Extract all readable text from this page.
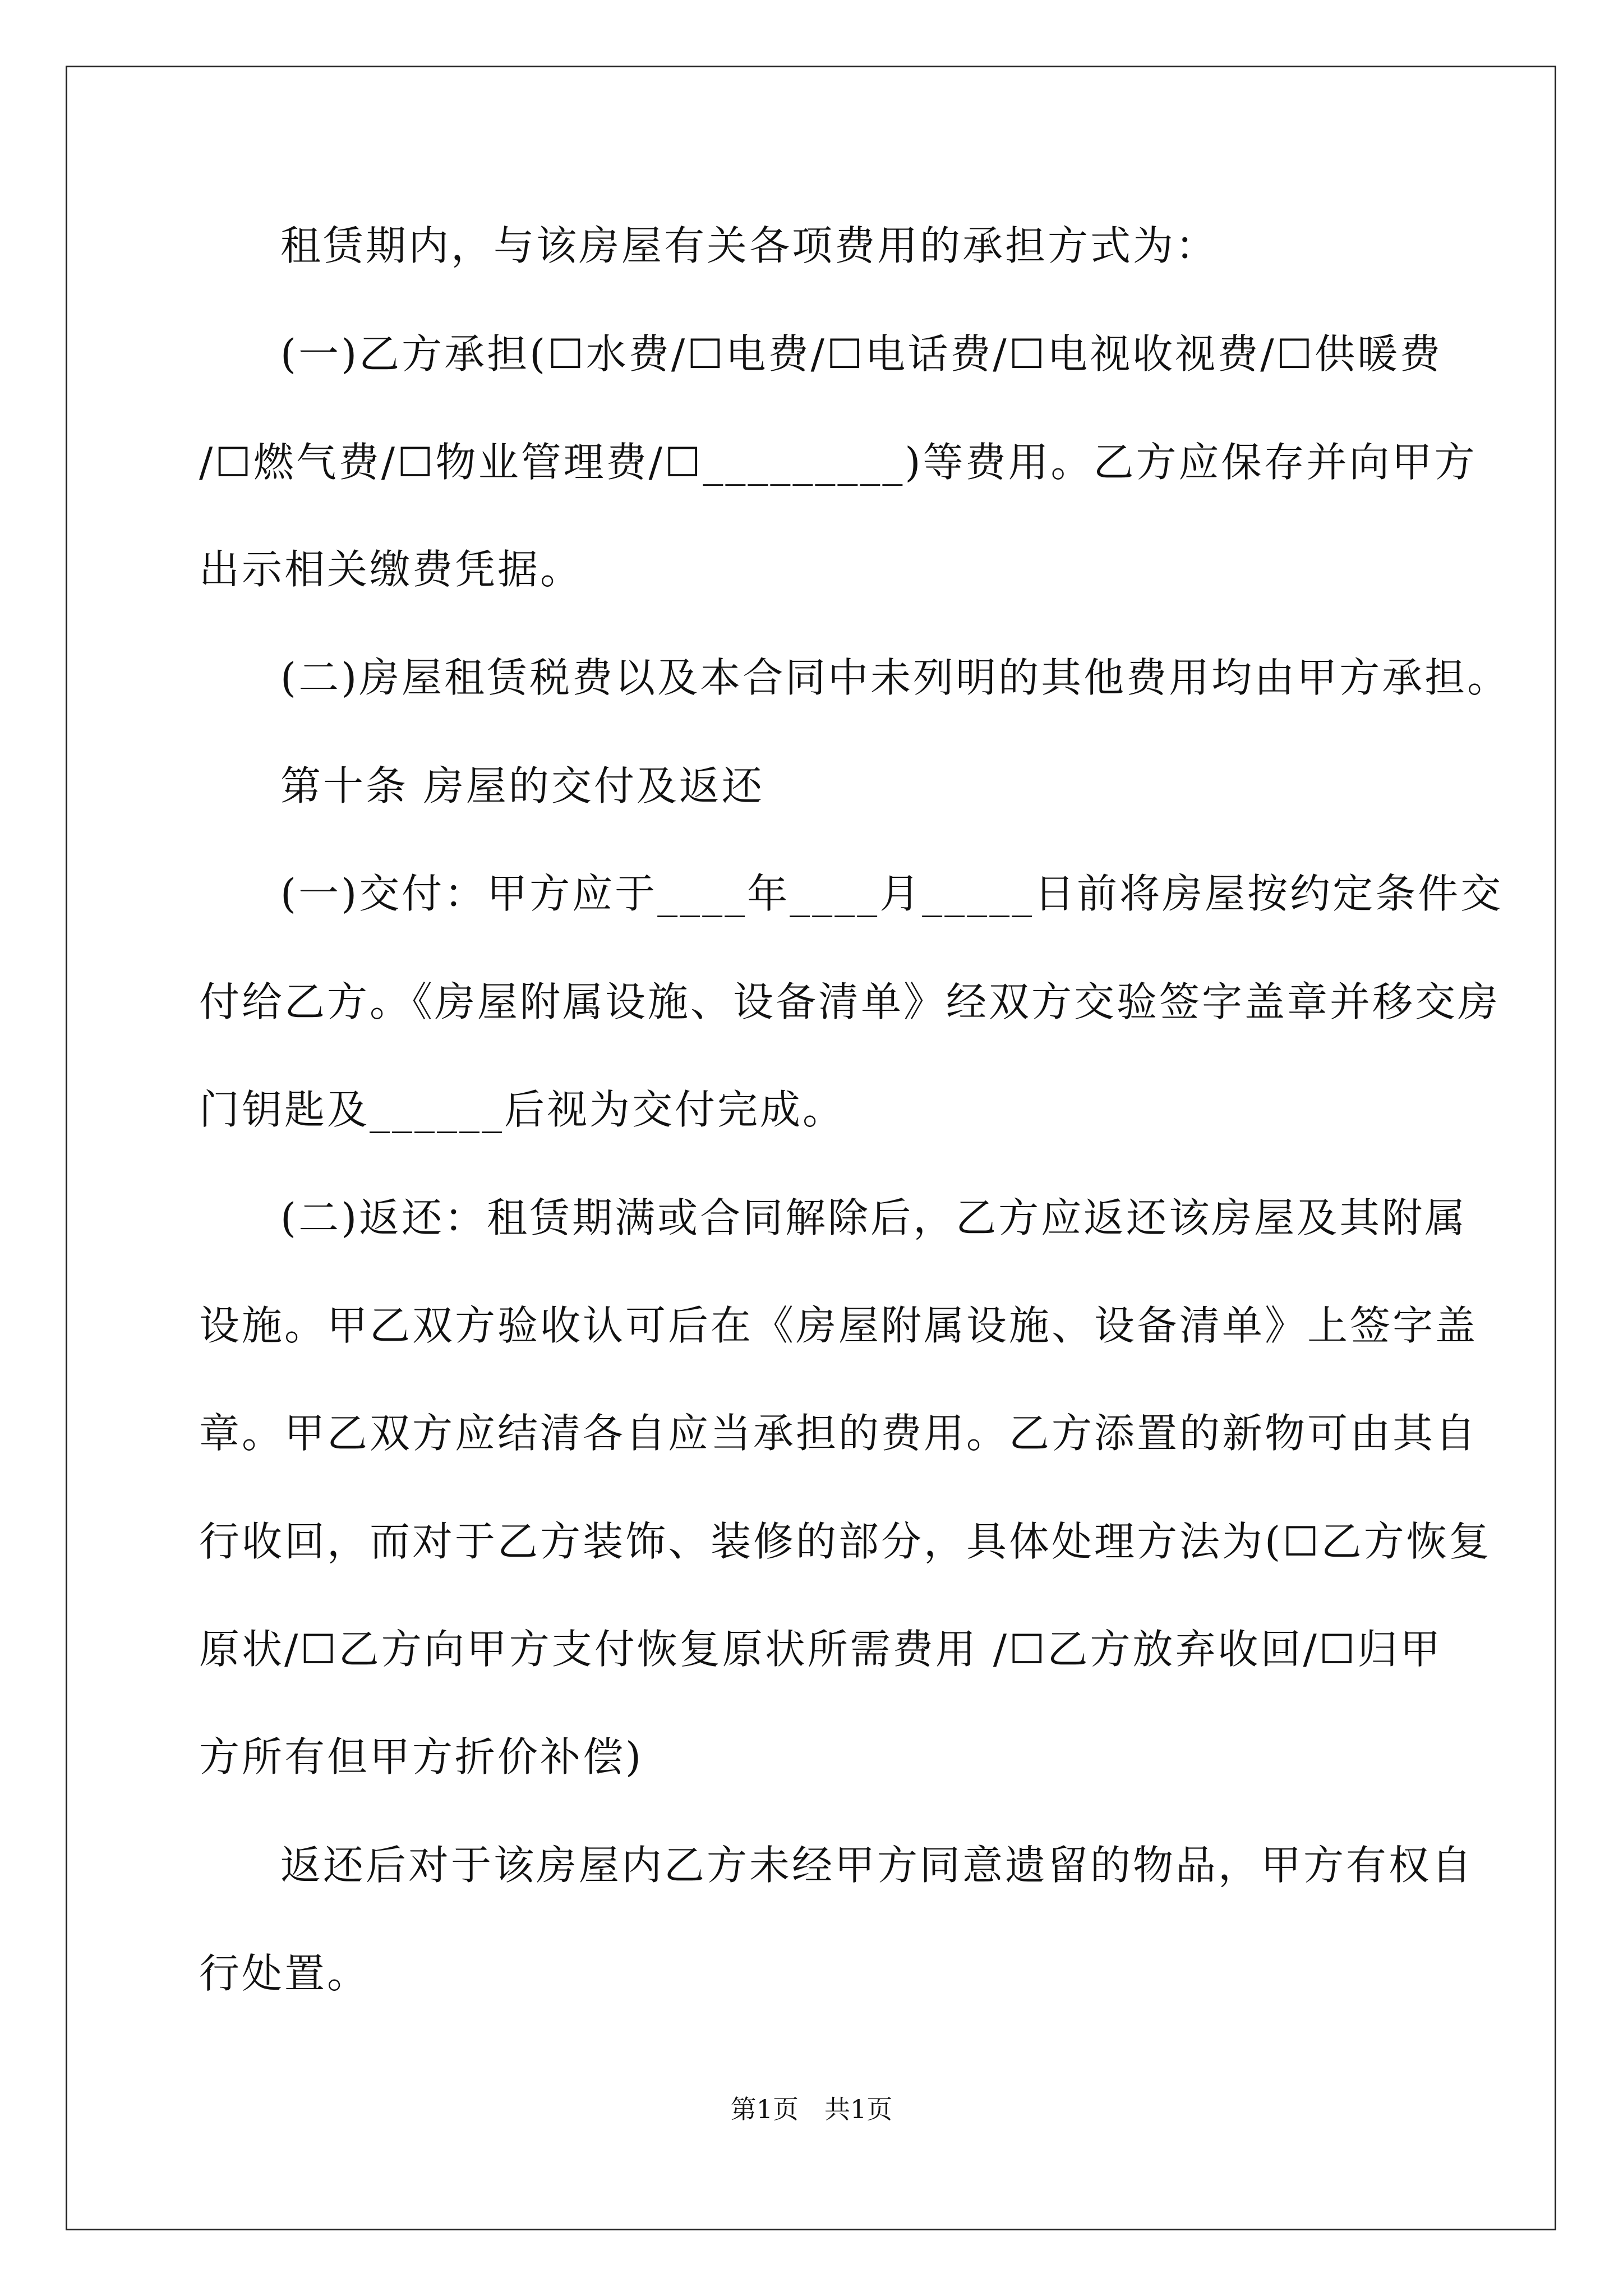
租赁期内，与该房屋有关各项费用的承担方式为：
(一)乙方承担(☐水费/☐电费/☐电话费/☐电视收视费/☐供暖费
/☐燃气费/☐物业管理费/☐_________)等费用。乙方应保存并向甲方
出示相关缴费凭据。
(二)房屋租赁税费以及本合同中未列明的其他费用均由甲方承担。
第十条 房屋的交付及返还
(一)交付：甲方应于____年____月_____日前将房屋按约定条件交
付给乙方。《房屋附属设施、设备清单》经双方交验签字盖章并移交房
门钥匙及______后视为交付完成。
(二)返还：租赁期满或合同解除后，乙方应返还该房屋及其附属
设施。甲乙双方验收认可后在《房屋附属设施、设备清单》上签字盖
章。甲乙双方应结清各自应当承担的费用。乙方添置的新物可由其自
行收回，而对于乙方装饰、装修的部分，具体处理方法为(☐乙方恢复
原状/☐乙方向甲方支付恢复原状所需费用 /☐乙方放弃收回/☐归甲
方所有但甲方折价补偿)
返还后对于该房屋内乙方未经甲方同意遗留的物品，甲方有权自
行处置。
第1页　共1页
